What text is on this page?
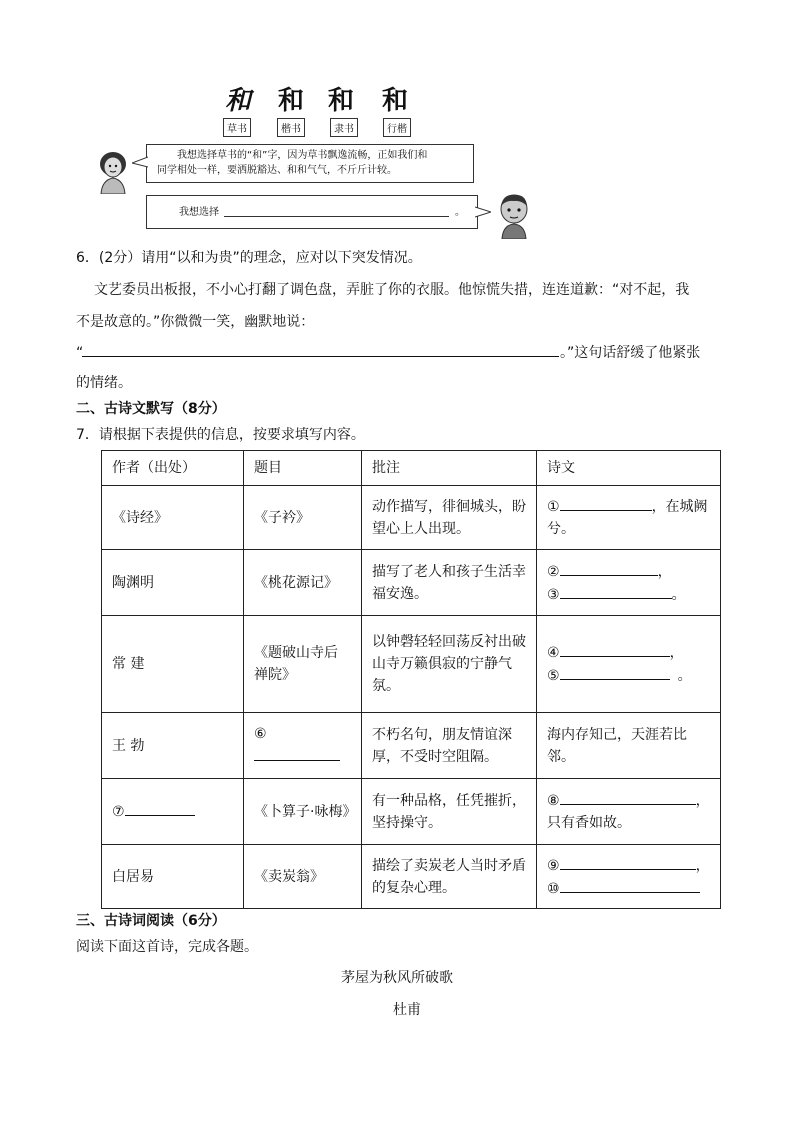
和 和 和 和
草书	楷书	隶书	行楷
我想选择草书的“和”字，因为草书飘逸流畅，正如我们和
同学相处一样，要洒脱豁达、和和气气，不斤斤计较。
我想选择	。
6．(2分）请用“以和为贵”的理念，应对以下突发情况。
文艺委员出板报，不小心打翻了调色盘，弄脏了你的衣服。他惊慌失措，连连道歉：“对不起，我
不是故意的。”你微微一笑，幽默地说：
“	。”这句话舒缓了他紧张
的情绪。
二、古诗文默写（8分）
7．请根据下表提供的信息，按要求填写内容。
作者（出处）	题目	批注	诗文
《诗经》	《子衿》	动作描写，徘徊城头，盼望心上人出现。	① ，在城阙兮。
陶渊明	《桃花源记》	描写了老人和孩子生活幸福安逸。	② ，
③ 。

常 建	《题破山寺后禅院》	以钟磬轻轻回荡反衬出破山寺万籁俱寂的宁静气氛。	④ ，
⑤ 。

王 勃	⑥	不朽名句，朋友情谊深厚，不受时空阻隔。	海内存知己，天涯若比邻。
⑦	《卜算子·咏梅》	有一种品格，任凭摧折，坚持操守。	⑧ ，
只有香如故。

白居易	《卖炭翁》	描绘了卖炭老人当时矛盾的复杂心理。	⑨ ，
⑩
三、古诗词阅读（6分）
阅读下面这首诗，完成各题。
茅屋为秋风所破歌
杜甫
